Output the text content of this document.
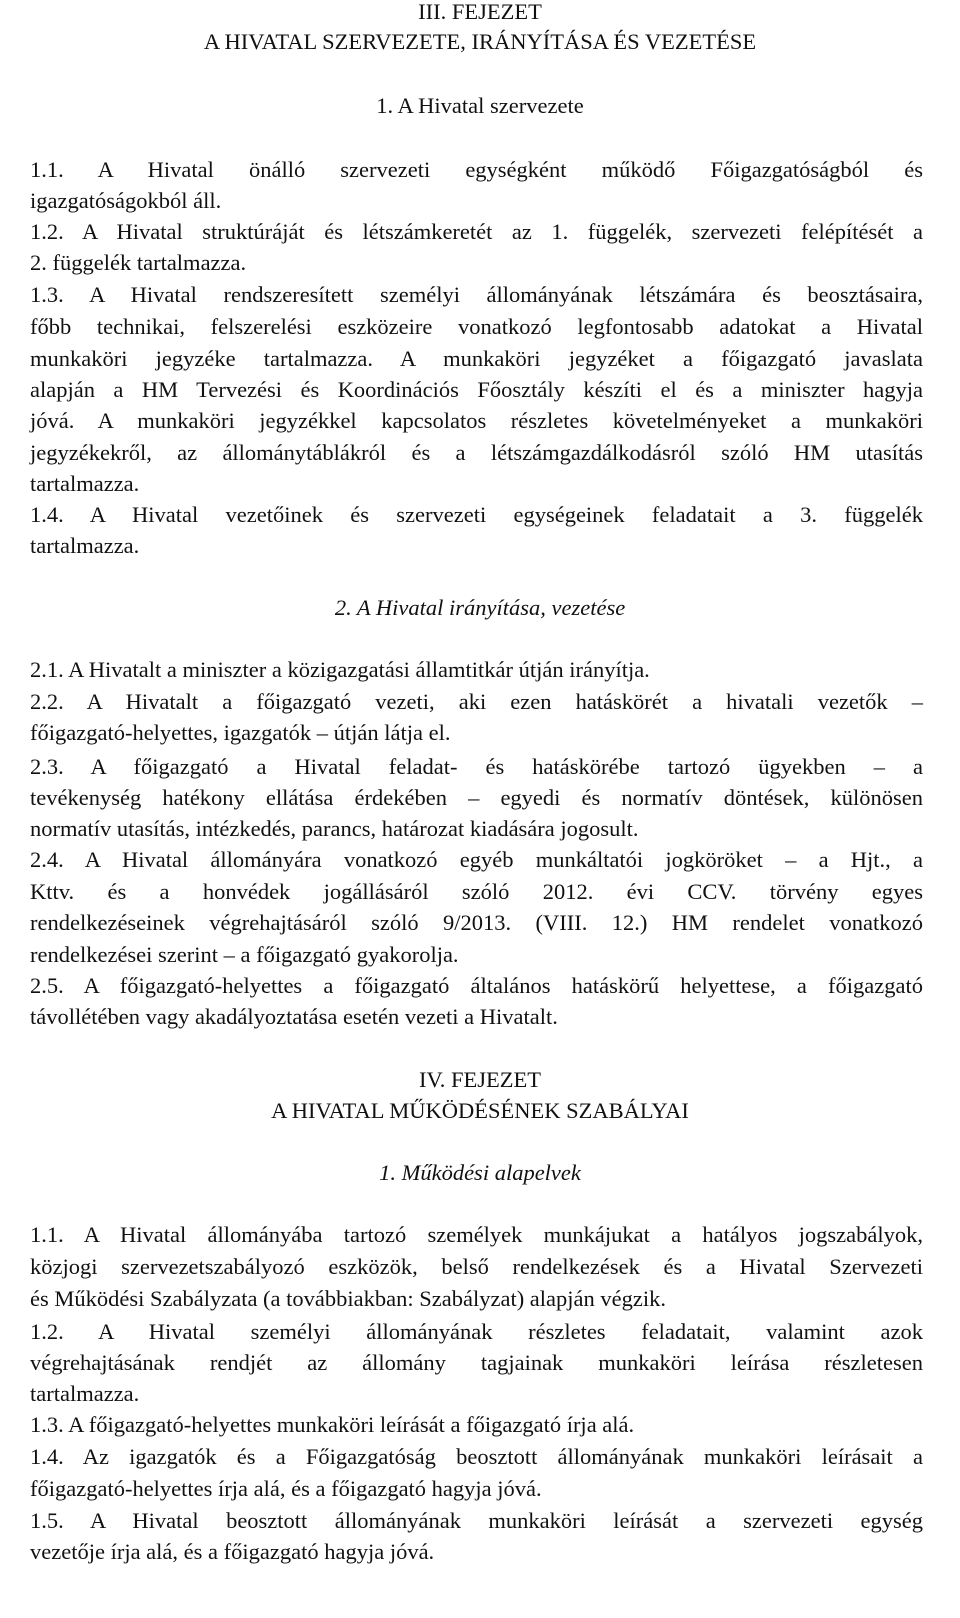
III. FEJEZET
A HIVATAL SZERVEZETE, IRÁNYÍTÁSA ÉS VEZETÉSE
1. A Hivatal szervezete
1.1. A Hivatal önálló szervezeti egységként működő Főigazgatóságból és
igazgatóságokból áll.
1.2. A Hivatal struktúráját és létszámkeretét az 1. függelék, szervezeti felépítését a
2. függelék tartalmazza.
1.3. A Hivatal rendszeresített személyi állományának létszámára és beosztásaira,
főbb technikai, felszerelési eszközeire vonatkozó legfontosabb adatokat a Hivatal
munkaköri jegyzéke tartalmazza. A munkaköri jegyzéket a főigazgató javaslata
alapján a HM Tervezési és Koordinációs Főosztály készíti el és a miniszter hagyja
jóvá. A munkaköri jegyzékkel kapcsolatos részletes követelményeket a munkaköri
jegyzékekről, az állománytáblákról és a létszámgazdálkodásról szóló HM utasítás
tartalmazza.
1.4. A Hivatal vezetőinek és szervezeti egységeinek feladatait a 3. függelék
tartalmazza.
2. A Hivatal irányítása, vezetése
2.1. A Hivatalt a miniszter a közigazgatási államtitkár útján irányítja.
2.2. A Hivatalt a főigazgató vezeti, aki ezen hatáskörét a hivatali vezetők –
főigazgató-helyettes, igazgatók – útján látja el.
2.3. A főigazgató a Hivatal feladat- és hatáskörébe tartozó ügyekben – a
tevékenység hatékony ellátása érdekében – egyedi és normatív döntések, különösen
normatív utasítás, intézkedés, parancs, határozat kiadására jogosult.
2.4. A Hivatal állományára vonatkozó egyéb munkáltatói jogköröket – a Hjt., a
Kttv. és a honvédek jogállásáról szóló 2012. évi CCV. törvény egyes
rendelkezéseinek végrehajtásáról szóló 9/2013. (VIII. 12.) HM rendelet vonatkozó
rendelkezései szerint – a főigazgató gyakorolja.
2.5. A főigazgató-helyettes a főigazgató általános hatáskörű helyettese, a főigazgató
távollétében vagy akadályoztatása esetén vezeti a Hivatalt.
IV. FEJEZET
A HIVATAL MŰKÖDÉSÉNEK SZABÁLYAI
1. Működési alapelvek
1.1. A Hivatal állományába tartozó személyek munkájukat a hatályos jogszabályok,
közjogi szervezetszabályozó eszközök, belső rendelkezések és a Hivatal Szervezeti
és Működési Szabályzata (a továbbiakban: Szabályzat) alapján végzik.
1.2. A Hivatal személyi állományának részletes feladatait, valamint azok
végrehajtásának rendjét az állomány tagjainak munkaköri leírása részletesen
tartalmazza.
1.3. A főigazgató-helyettes munkaköri leírását a főigazgató írja alá.
1.4. Az igazgatók és a Főigazgatóság beosztott állományának munkaköri leírásait a
főigazgató-helyettes írja alá, és a főigazgató hagyja jóvá.
1.5. A Hivatal beosztott állományának munkaköri leírását a szervezeti egység
vezetője írja alá, és a főigazgató hagyja jóvá.
